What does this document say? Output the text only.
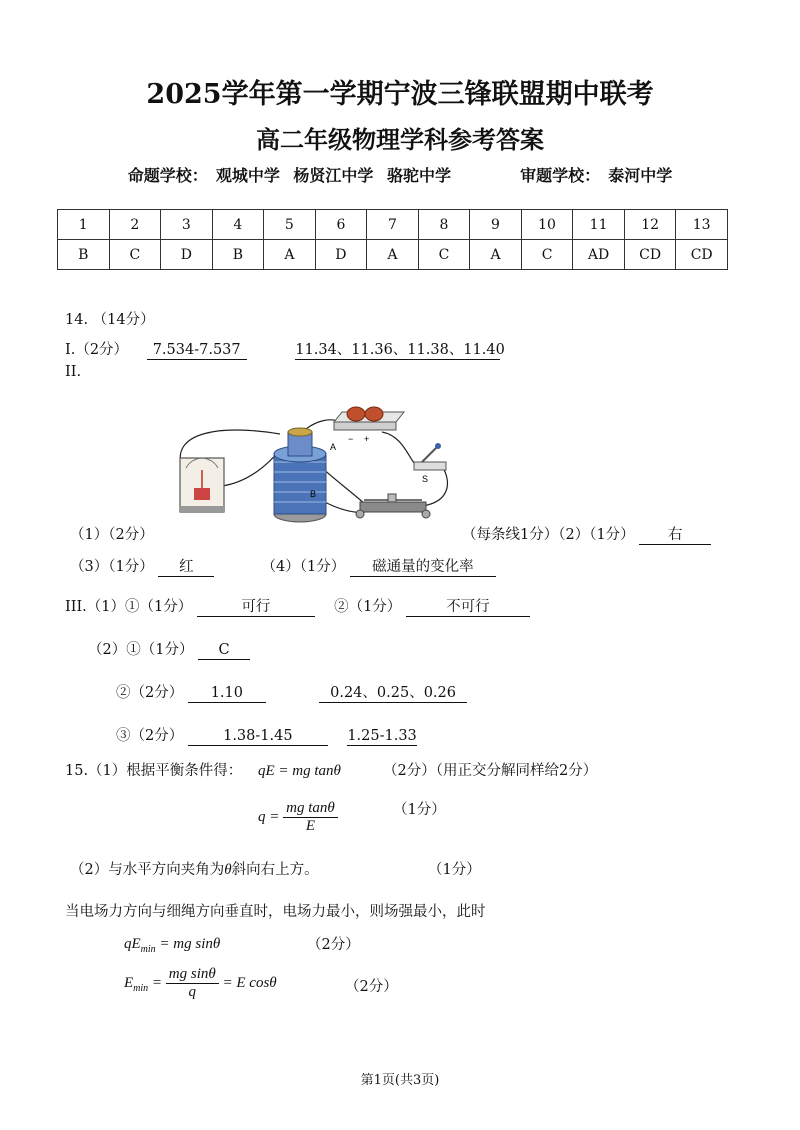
2025学年第一学期宁波三锋联盟期中联考
高二年级物理学科参考答案
命题学校： 观城中学 杨贤江中学 骆驼中学	审题学校： 泰河中学
1	2	3	4	5	6	7	8	9	10	11	12	13
B	C	D	B	A	D	A	C	A	C	AD	CD	CD
14. （14分）
I.（2分） 7.534-7.537	11.34、11.36、11.38、11.40
II.
A
B
− +
S
（1）（2分）	（每条线1分）（2）（1分） 右
（3）（1分） 红	（4）（1分） 磁通量的变化率
III.（1）①（1分）	可行	②（1分）	不可行
（2）①（1分） C
②（2分） 1.10	0.24、0.25、0.26
③（2分）	1.38-1.45	1.25-1.33
15.（1）根据平衡条件得： qE = mg tanθ	（2分）（用正交分解同样给2分）
$q = \frac{\text{mg tanθ}}{E}$	（1分）
（2）与水平方向夹角为θ斜向右上方。	（1分）
当电场力方向与细绳方向垂直时，电场力最小，则场强最小，此时
$qE_{min}$ = mg sinθ	（2分）
$E_{min} = \frac{\text{mg sinθ}}{q} = E$ cosθ	（2分）
第1页(共3页)
